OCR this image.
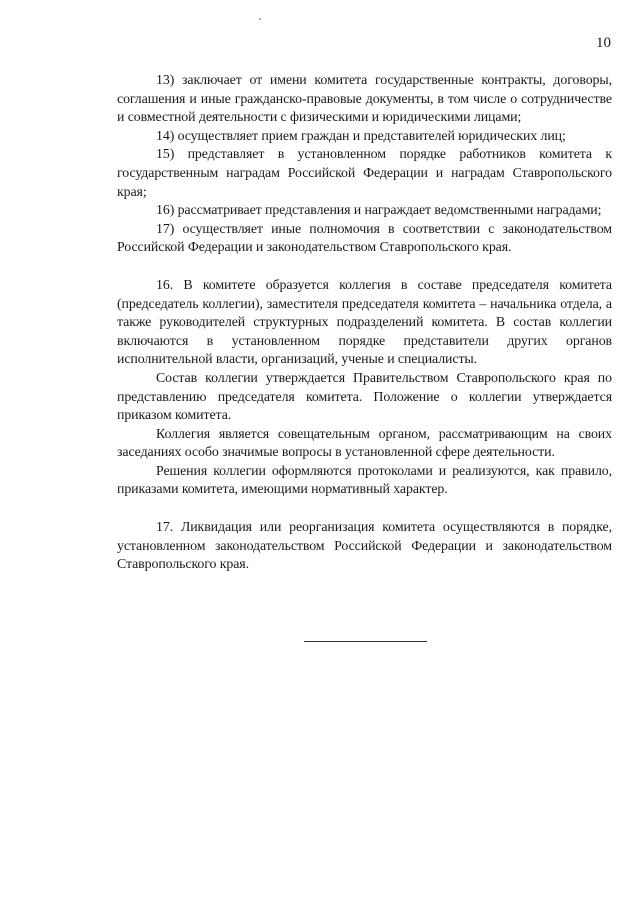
10

13) заключает от имени комитета государственные контракты, договоры, соглашения и иные гражданско-правовые документы, в том числе о сотрудничестве и совместной деятельности с физическими и юридическими лицами;

14) осуществляет прием граждан и представителей юридических лиц;

15) представляет в установленном порядке работников комитета к государственным наградам Российской Федерации и наградам Ставропольского края;

16) рассматривает представления и награждает ведомственными наградами;

17) осуществляет иные полномочия в соответствии с законодательством Российской Федерации и законодательством Ставропольского края.

16. В комитете образуется коллегия в составе председателя комитета (председатель коллегии), заместителя председателя комитета – начальника отдела, а также руководителей структурных подразделений комитета. В состав коллегии включаются в установленном порядке представители других органов исполнительной власти, организаций, ученые и специалисты.

Состав коллегии утверждается Правительством Ставропольского края по представлению председателя комитета. Положение о коллегии утверждается приказом комитета.

Коллегия является совещательным органом, рассматривающим на своих заседаниях особо значимые вопросы в установленной сфере деятельности.

Решения коллегии оформляются протоколами и реализуются, как правило, приказами комитета, имеющими нормативный характер.

17. Ликвидация или реорганизация комитета осуществляются в порядке, установленном законодательством Российской Федерации и законодательством Ставропольского края.
